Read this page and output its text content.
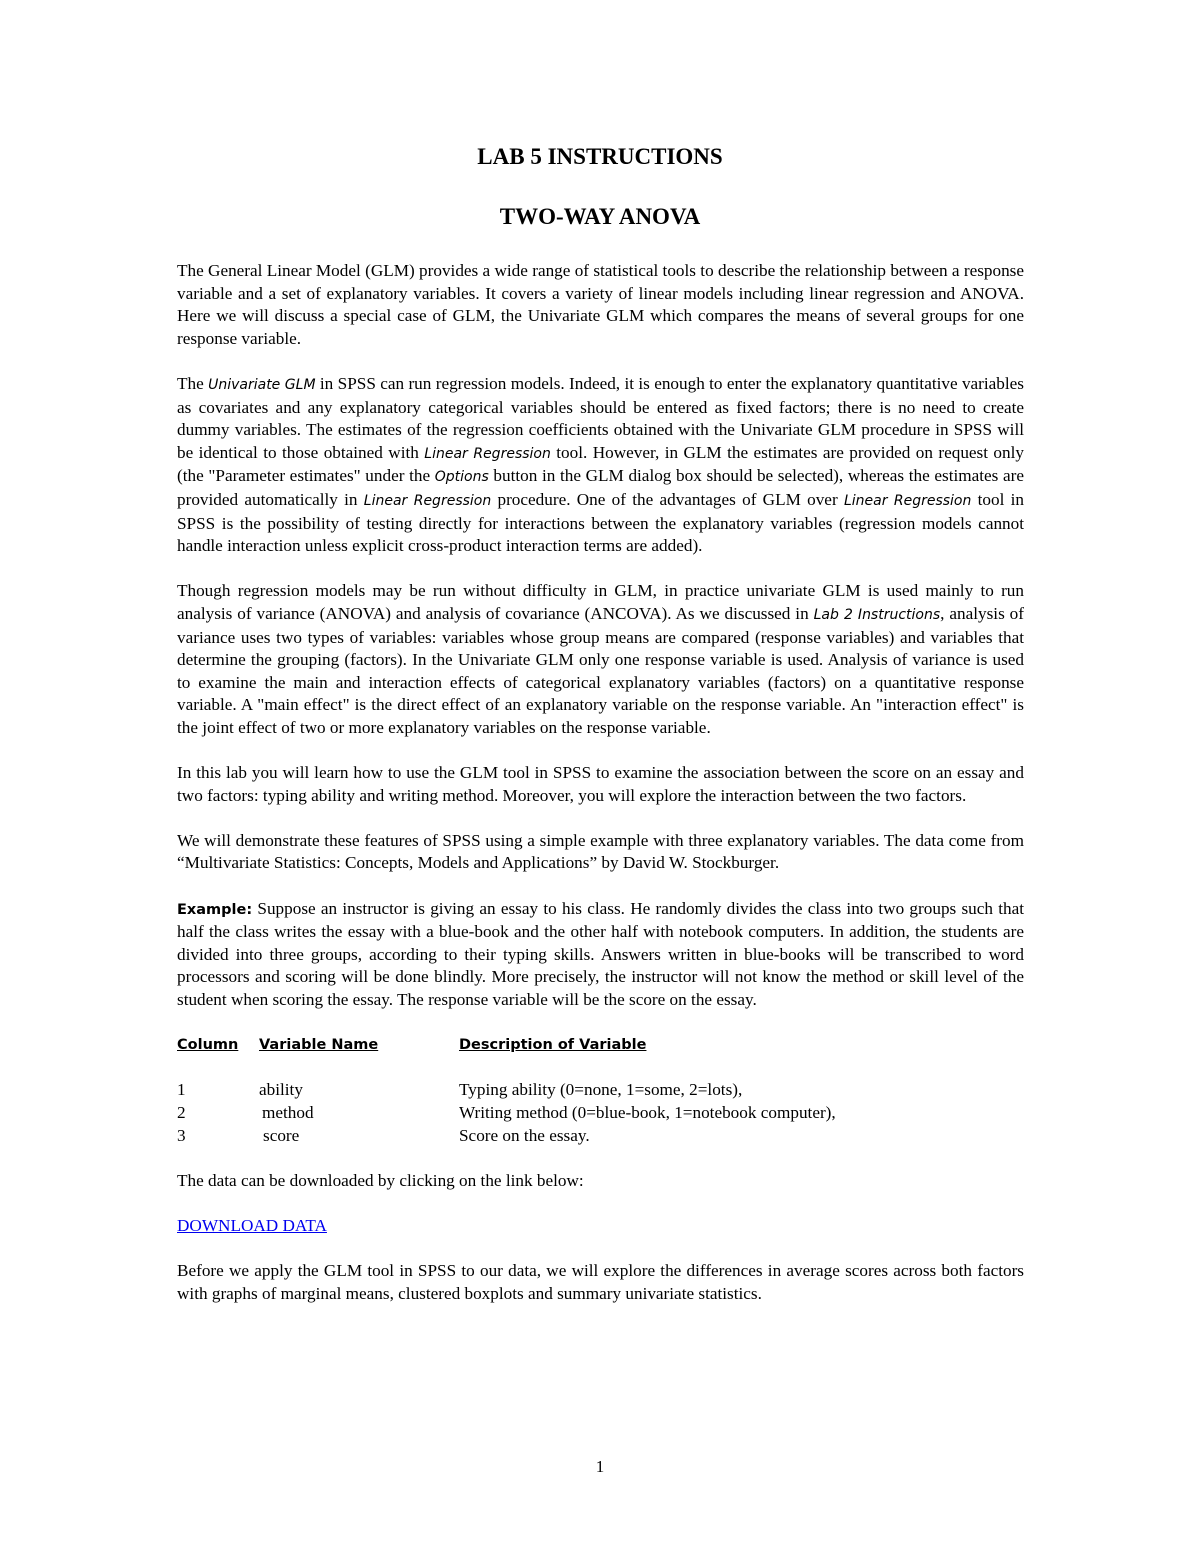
LAB 5 INSTRUCTIONS
TWO-WAY ANOVA

The General Linear Model (GLM) provides a wide range of statistical tools to describe the relationship between a response variable and a set of explanatory variables. It covers a variety of linear models including linear regression and ANOVA. Here we will discuss a special case of GLM, the Univariate GLM which compares the means of several groups for one response variable.

The Univariate GLM in SPSS can run regression models. Indeed, it is enough to enter the explanatory quantitative variables as covariates and any explanatory categorical variables should be entered as fixed factors; there is no need to create dummy variables. The estimates of the regression coefficients obtained with the Univariate GLM procedure in SPSS will be identical to those obtained with Linear Regression tool. However, in GLM the estimates are provided on request only (the "Parameter estimates" under the Options button in the GLM dialog box should be selected), whereas the estimates are provided automatically in Linear Regression procedure. One of the advantages of GLM over Linear Regression tool in SPSS is the possibility of testing directly for interactions between the explanatory variables (regression models cannot handle interaction unless explicit cross-product interaction terms are added).

Though regression models may be run without difficulty in GLM, in practice univariate GLM is used mainly to run analysis of variance (ANOVA) and analysis of covariance (ANCOVA). As we discussed in Lab 2 Instructions, analysis of variance uses two types of variables: variables whose group means are compared (response variables) and variables that determine the grouping (factors). In the Univariate GLM only one response variable is used. Analysis of variance is used to examine the main and interaction effects of categorical explanatory variables (factors) on a quantitative response variable. A "main effect" is the direct effect of an explanatory variable on the response variable. An "interaction effect" is the joint effect of two or more explanatory variables on the response variable.

In this lab you will learn how to use the GLM tool in SPSS to examine the association between the score on an essay and two factors: typing ability and writing method. Moreover, you will explore the interaction between the two factors.

We will demonstrate these features of SPSS using a simple example with three explanatory variables. The data come from “Multivariate Statistics: Concepts, Models and Applications” by David W. Stockburger.

Example: Suppose an instructor is giving an essay to his class. He randomly divides the class into two groups such that half the class writes the essay with a blue-book and the other half with notebook computers. In addition, the students are divided into three groups, according to their typing skills. Answers written in blue-books will be transcribed to word processors and scoring will be done blindly. More precisely, the instructor will not know the method or skill level of the student when scoring the essay. The response variable will be the score on the essay.

Column	Variable Name	Description of Variable
1	ability	Typing ability (0=none, 1=some, 2=lots),
2	method	Writing method (0=blue-book, 1=notebook computer),
3	score	Score on the essay.

The data can be downloaded by clicking on the link below:

DOWNLOAD DATA

Before we apply the GLM tool in SPSS to our data, we will explore the differences in average scores across both factors with graphs of marginal means, clustered boxplots and summary univariate statistics.

1
